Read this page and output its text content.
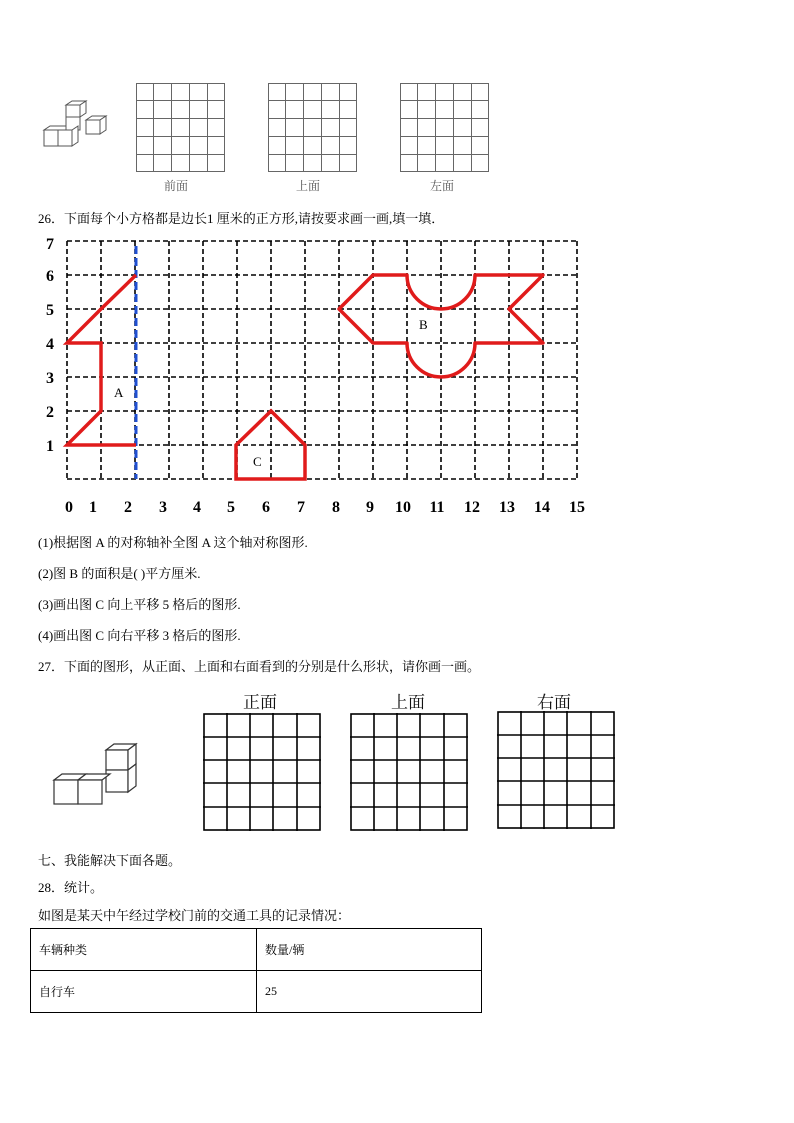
前面	上面	左面
26．下面每个小方格都是边长1 厘米的正方形,请按要求画一画,填一填．
1
2
3
4
5
6
7
0 1 2 3 4 5 6 7 8 9 10 11 12 13 14 15
A
B
C
(1)根据图 A 的对称轴补全图 A 这个轴对称图形.
(2)图 B 的面积是( )平方厘米.
(3)画出图 C 向上平移 5 格后的图形.
(4)画出图 C 向右平移 3 格后的图形.
27．下面的图形，从正面、上面和右面看到的分别是什么形状，请你画一画。
正面	上面	右面
七、我能解决下面各题。
28．统计。
如图是某天中午经过学校门前的交通工具的记录情况：
车辆种类	数量/辆
自行车	25
